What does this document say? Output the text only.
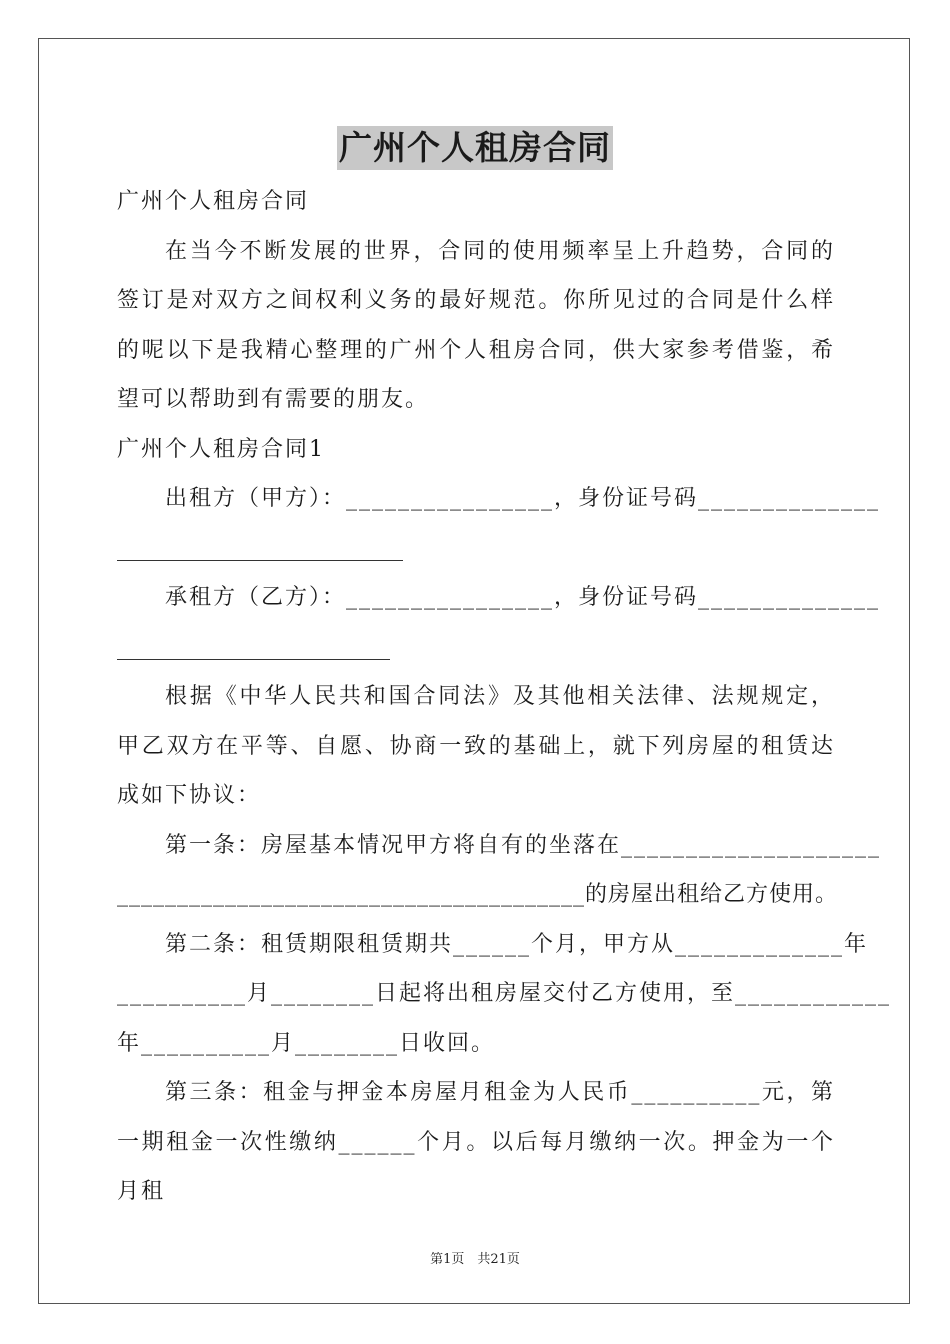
广州个人租房合同

广州个人租房合同

在当今不断发展的世界，合同的使用频率呈上升趋势，合同的签订是对双方之间权利义务的最好规范。你所见过的合同是什么样的呢以下是我精心整理的广州个人租房合同，供大家参考借鉴，希望可以帮助到有需要的朋友。

广州个人租房合同1

出租方（甲方）：________________，身份证号码______________

承租方（乙方）：________________，身份证号码______________

根据《中华人民共和国合同法》及其他相关法律、法规规定，甲乙双方在平等、自愿、协商一致的基础上，就下列房屋的租赁达成如下协议：

第一条：房屋基本情况甲方将自有的坐落在____________________

_______________________________________的房屋出租给乙方使用。

第二条：租赁期限租赁期共______个月，甲方从_____________年

__________月________日起将出租房屋交付乙方使用，至____________

年__________月________日收回。

第三条：租金与押金本房屋月租金为人民币__________元，第一期租金一次性缴纳______个月。以后每月缴纳一次。押金为一个月租

第1页　共21页
